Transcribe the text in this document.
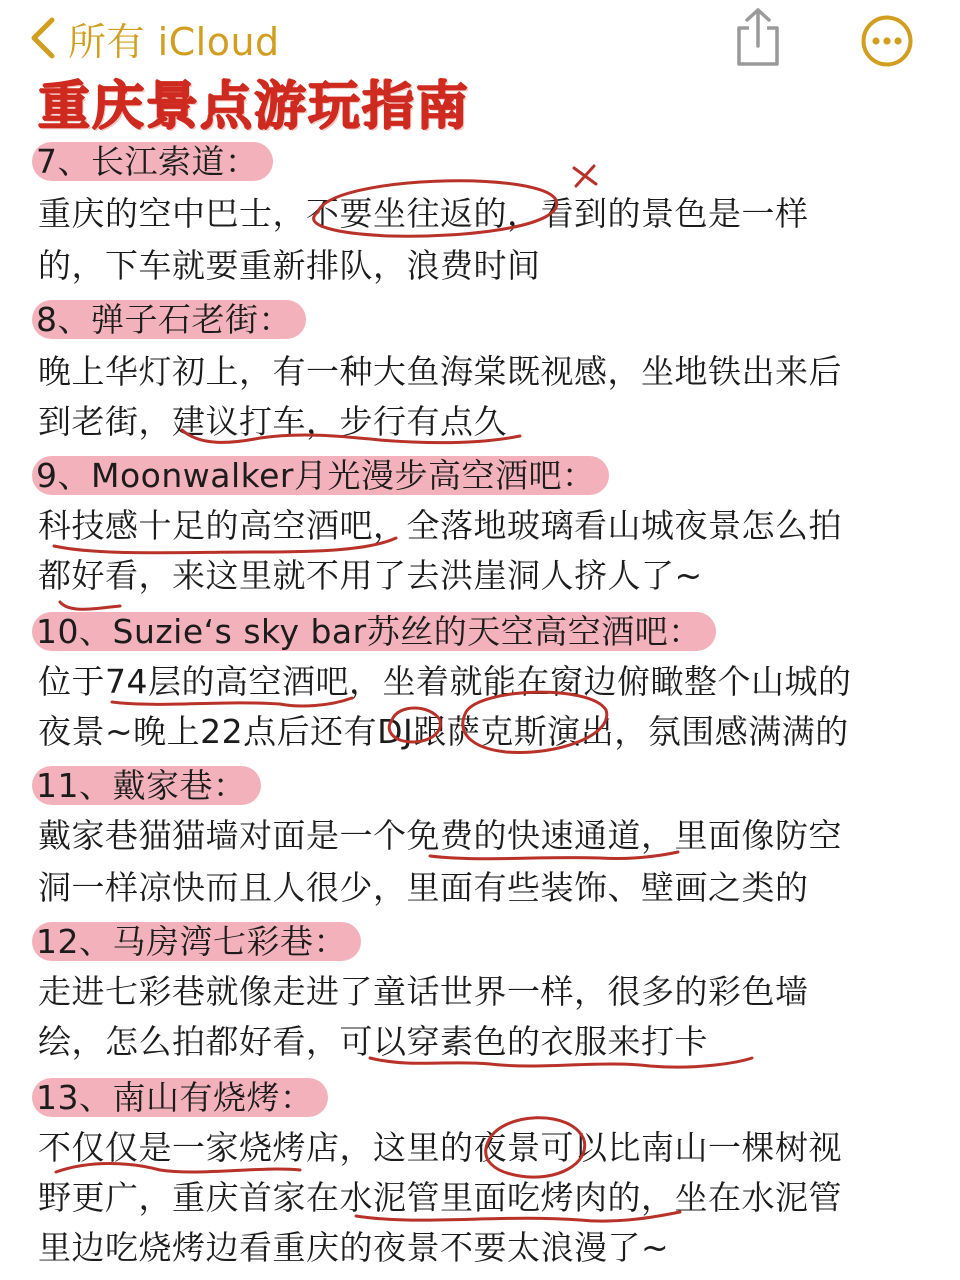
所有 iCloud
重庆景点游玩指南
7、长江索道：
重庆的空中巴士，不要坐往返的，看到的景色是一样
的，下车就要重新排队，浪费时间
8、弹子石老街：
晚上华灯初上，有一种大鱼海棠既视感，坐地铁出来后
到老街，建议打车，步行有点久
9、Moonwalker月光漫步高空酒吧：
科技感十足的高空酒吧，全落地玻璃看山城夜景怎么拍
都好看，来这里就不用了去洪崖洞人挤人了~
10、Suzie‘s sky bar苏丝的天空高空酒吧：
位于74层的高空酒吧，坐着就能在窗边俯瞰整个山城的
夜景~晚上22点后还有DJ跟萨克斯演出，氛围感满满的
11、戴家巷：
戴家巷猫猫墙对面是一个免费的快速通道，里面像防空
洞一样凉快而且人很少，里面有些装饰、壁画之类的
12、马房湾七彩巷：
走进七彩巷就像走进了童话世界一样，很多的彩色墙
绘，怎么拍都好看，可以穿素色的衣服来打卡
13、南山有烧烤：
不仅仅是一家烧烤店，这里的夜景可以比南山一棵树视
野更广，重庆首家在水泥管里面吃烤肉的，坐在水泥管
里边吃烧烤边看重庆的夜景不要太浪漫了~
